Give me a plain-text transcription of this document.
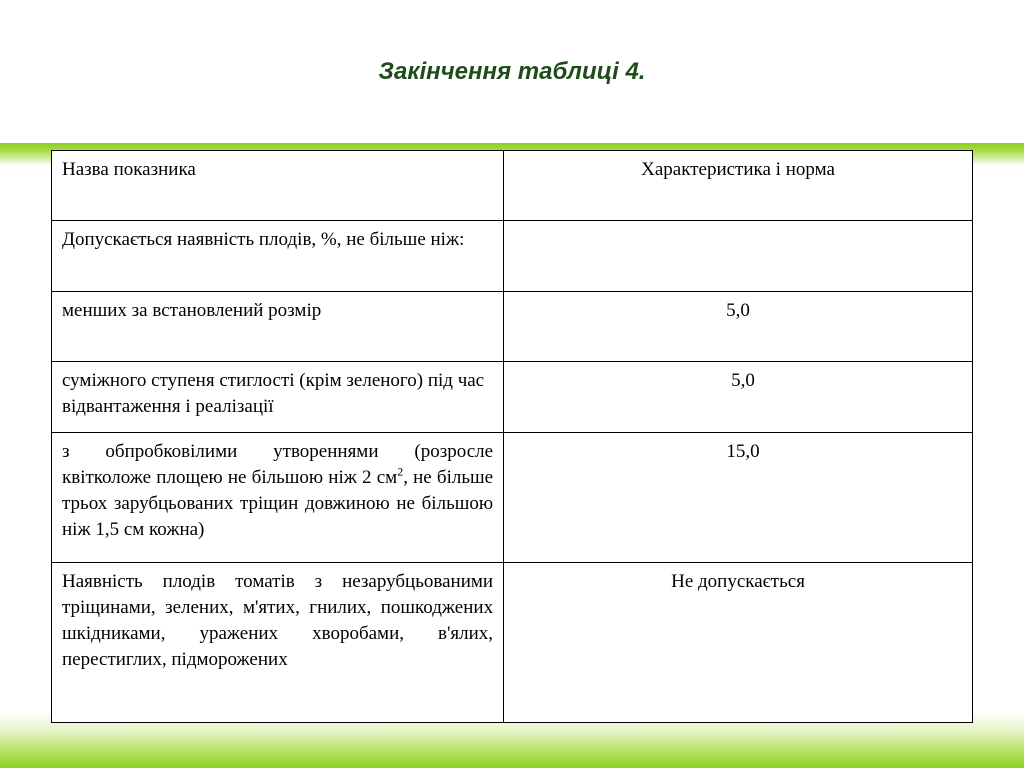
Закінчення таблиці 4.
Назва показника	Характеристика і норма
Допускається наявність плодів, %, не більше ніж:	
менших за встановлений розмір	5,0
суміжного ступеня стиглості (крім зеленого) під час відвантаження і реалізації	5,0
з обпробковілими утвореннями (розросле квітколоже площею не більшою ніж 2 $см^2$, не більше трьох зарубцьованих тріщин довжиною не більшою ніж 1,5 см кожна)	15,0
Наявність плодів томатів з незарубцьованими тріщинами, зелених, м'ятих, гнилих, пошкоджених шкідниками, уражених хворобами, в'ялих, перестиглих, підморожених	Не допускається
